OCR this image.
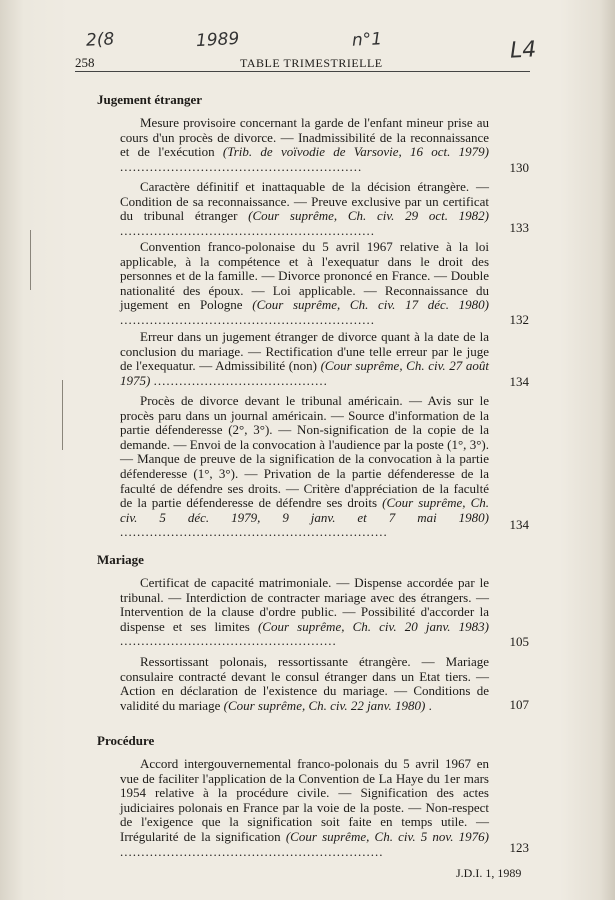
2(8	1989	n°1	L4
258	TABLE TRIMESTRIELLE
Jugement étranger
Mesure provisoire concernant la garde de l'enfant mineur prise au cours d'un procès de divorce. — Inadmissibilité de la reconnaissance et de l'exécution (Trib. de voïvodie de Varsovie, 16 oct. 1979) .........................................................	130
Caractère définitif et inattaquable de la décision étrangère. — Condition de sa reconnaissance. — Preuve exclusive par un certificat du tribunal étranger (Cour suprême, Ch. civ. 29 oct. 1982) ............................................................	133
Convention franco-polonaise du 5 avril 1967 relative à la loi applicable, à la compétence et à l'exequatur dans le droit des personnes et de la famille. — Divorce prononcé en France. — Double nationalité des époux. — Loi applicable. — Reconnaissance du jugement en Pologne (Cour suprême, Ch. civ. 17 déc. 1980) ............................................................	132
Erreur dans un jugement étranger de divorce quant à la date de la conclusion du mariage. — Rectification d'une telle erreur par le juge de l'exequatur. — Admissibilité (non) (Cour suprême, Ch. civ. 27 août 1975) .........................................	134
Procès de divorce devant le tribunal américain. — Avis sur le procès paru dans un journal américain. — Source d'information de la partie défenderesse (2°, 3°). — Non-signification de la copie de la demande. — Envoi de la convocation à l'audience par la poste (1°, 3°). — Manque de preuve de la signification de la convocation à la partie défenderesse (1°, 3°). — Privation de la partie défenderesse de la faculté de défendre ses droits. — Critère d'appréciation de la faculté de la partie défenderesse de défendre ses droits (Cour suprême, Ch. civ. 5 déc. 1979, 9 janv. et 7 mai 1980) ...............................................................	134
Mariage
Certificat de capacité matrimoniale. — Dispense accordée par le tribunal. — Interdiction de contracter mariage avec des étrangers. — Intervention de la clause d'ordre public. — Possibilité d'accorder la dispense et ses limites (Cour suprême, Ch. civ. 20 janv. 1983) ...................................................	105
Ressortissant polonais, ressortissante étrangère. — Mariage consulaire contracté devant le consul étranger dans un Etat tiers. — Action en déclaration de l'existence du mariage. — Conditions de validité du mariage (Cour suprême, Ch. civ. 22 janv. 1980) .	107
Procédure
Accord intergouvernemental franco-polonais du 5 avril 1967 en vue de faciliter l'application de la Convention de La Haye du 1er mars 1954 relative à la procédure civile. — Signification des actes judiciaires polonais en France par la voie de la poste. — Non-respect de l'exigence que la signification soit faite en temps utile. — Irrégularité de la signification (Cour suprême, Ch. civ. 5 nov. 1976) ..............................................................	123
J.D.I. 1, 1989
